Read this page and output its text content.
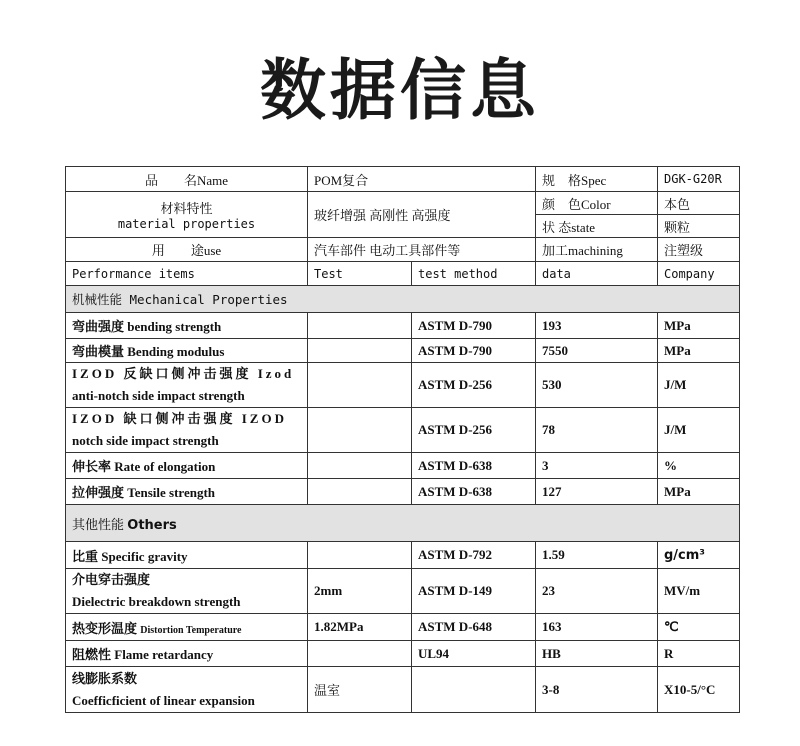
数据信息
品　　名Name	POM复合		规　格Spec	DGK-G20R

材料特性
material properties	玻纤增强 高刚性 高强度		颜　色Color	本色
			状 态state	颗粒
用　　途use	汽车部件 电动工具部件等		加工machining	注塑级
Performance items	Test	test method	data	Company
机械性能 Mechanical Properties				
弯曲强度 bending strength		ASTM D-790	193	MPa
弯曲模量 Bending modulus		ASTM D-790	7550	MPa

IZOD 反缺口侧冲击强度 Izod
anti-notch side impact strength		ASTM D-256	530	J/M

IZOD 缺口侧冲击强度 IZOD
notch side impact strength		ASTM D-256	78	J/M
伸长率 Rate of elongation		ASTM D-638	3	%
拉伸强度 Tensile strength		ASTM D-638	127	MPa
其他性能 Others				
比重 Specific gravity		ASTM D-792	1.59	g/cm³

介电穿击强度
Dielectric breakdown strength	2mm	ASTM D-149	23	MV/m
热变形温度 Distortion Temperature	1.82MPa	ASTM D-648	163	℃
阻燃性 Flame retardancy		UL94	HB	R

线膨胀系数
Coefficficient of linear expansion	温室		3-8	X10-5/°C
